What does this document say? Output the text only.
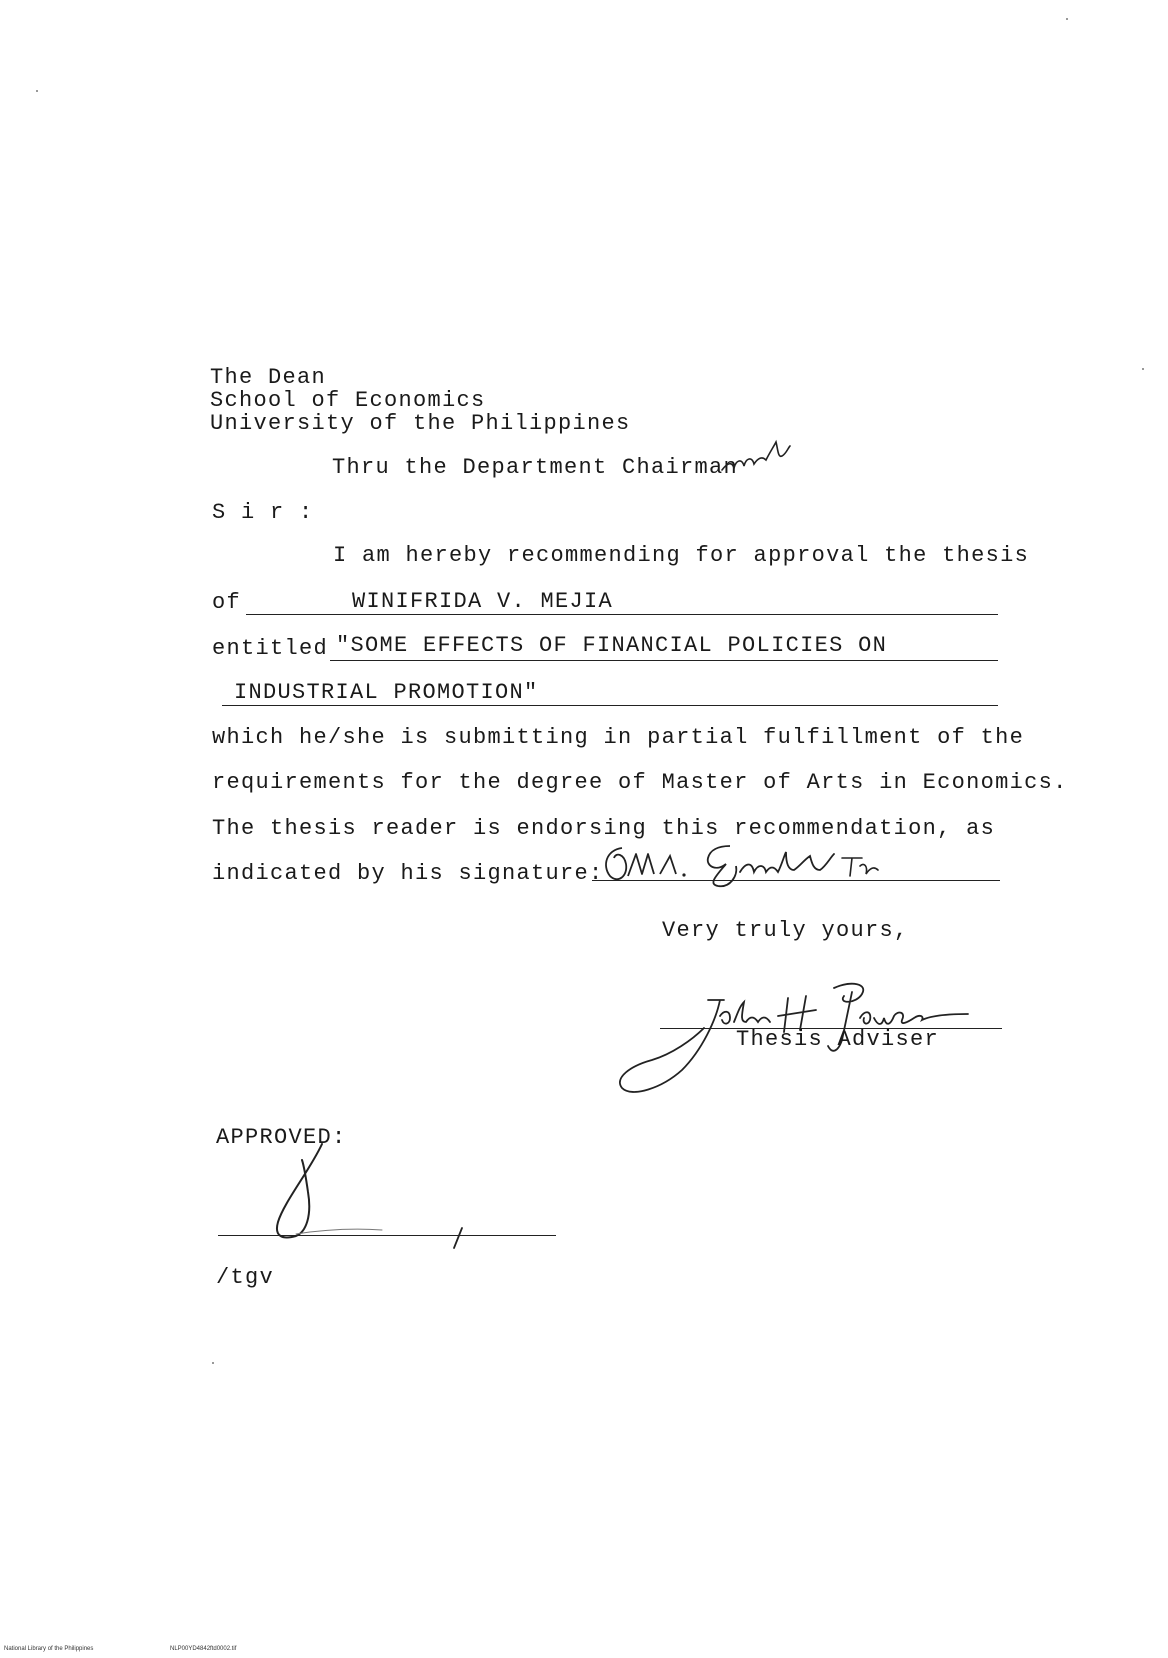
The Dean
School of Economics
University of the Philippines
Thru the Department Chairman
S i r :
I am hereby recommending for approval the thesis
of	WINIFRIDA V. MEJIA
entitled "SOME EFFECTS OF FINANCIAL POLICIES ON
INDUSTRIAL PROMOTION"
which he/she is submitting in partial fulfillment of the
requirements for the degree of Master of Arts in Economics.
The thesis reader is endorsing this recommendation, as
indicated by his signature:
Very truly yours,
Thesis Adviser
APPROVED:
/tgv
National Library of the Philippines	NLP00YD4842ftd0002.tif
